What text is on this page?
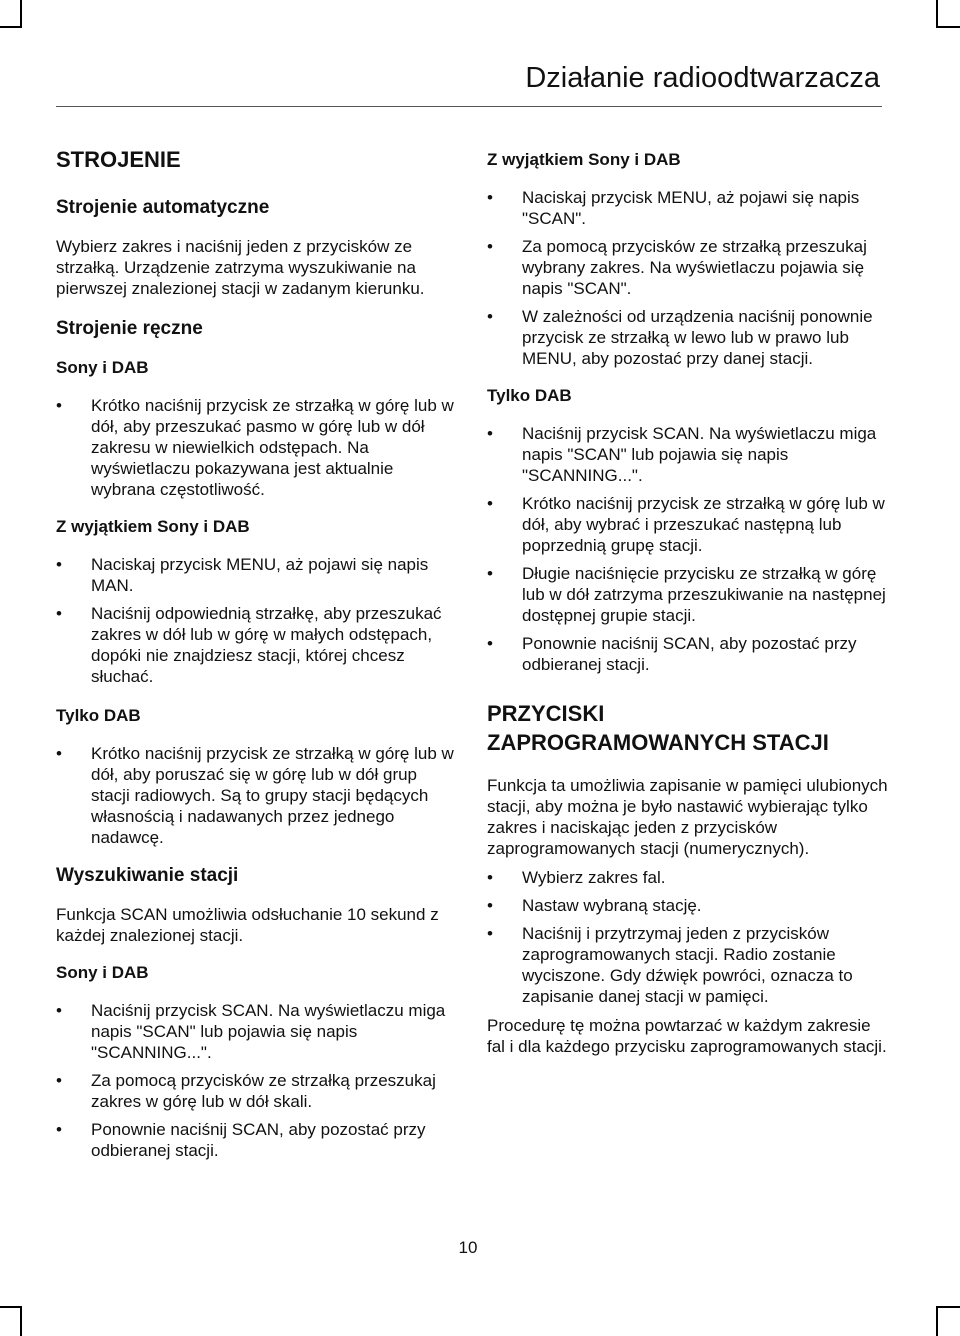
Działanie radioodtwarzacza
STROJENIE
Strojenie automatyczne

Wybierz zakres i naciśnij jeden z przycisków ze strzałką. Urządzenie zatrzyma wyszukiwanie na pierwszej znalezionej stacji w zadanym kierunku.

Strojenie ręczne
Sony i DAB
• Krótko naciśnij przycisk ze strzałką w górę lub w dół, aby przeszukać pasmo w górę lub w dół zakresu w niewielkich odstępach. Na wyświetlaczu pokazywana jest aktualnie wybrana częstotliwość.
Z wyjątkiem Sony i DAB
• Naciskaj przycisk MENU, aż pojawi się napis MAN.
• Naciśnij odpowiednią strzałkę, aby przeszukać zakres w dół lub w górę w małych odstępach, dopóki nie znajdziesz stacji, której chcesz słuchać.
Tylko DAB
• Krótko naciśnij przycisk ze strzałką w górę lub w dół, aby poruszać się w górę lub w dół grup stacji radiowych. Są to grupy stacji będących własnością i nadawanych przez jednego nadawcę.
Wyszukiwanie stacji

Funkcja SCAN umożliwia odsłuchanie 10 sekund z każdej znalezionej stacji.

Sony i DAB
• Naciśnij przycisk SCAN. Na wyświetlaczu miga napis "SCAN" lub pojawia się napis "SCANNING...".
• Za pomocą przycisków ze strzałką przeszukaj zakres w górę lub w dół skali.
• Ponownie naciśnij SCAN, aby pozostać przy odbieranej stacji.
Z wyjątkiem Sony i DAB
• Naciskaj przycisk MENU, aż pojawi się napis "SCAN".
• Za pomocą przycisków ze strzałką przeszukaj wybrany zakres. Na wyświetlaczu pojawia się napis "SCAN".
• W zależności od urządzenia naciśnij ponownie przycisk ze strzałką w lewo lub w prawo lub MENU, aby pozostać przy danej stacji.
Tylko DAB
• Naciśnij przycisk SCAN. Na wyświetlaczu miga napis "SCAN" lub pojawia się napis "SCANNING...".
• Krótko naciśnij przycisk ze strzałką w górę lub w dół, aby wybrać i przeszukać następną lub poprzednią grupę stacji.
• Długie naciśnięcie przycisku ze strzałką w górę lub w dół zatrzyma przeszukiwanie na następnej dostępnej grupie stacji.
• Ponownie naciśnij SCAN, aby pozostać przy odbieranej stacji.
PRZYCISKI
ZAPROGRAMOWANYCH STACJI

Funkcja ta umożliwia zapisanie w pamięci ulubionych stacji, aby można je było nastawić wybierając tylko zakres i naciskając jeden z przycisków zaprogramowanych stacji (numerycznych).

• Wybierz zakres fal.
• Nastaw wybraną stację.
• Naciśnij i przytrzymaj jeden z przycisków zaprogramowanych stacji. Radio zostanie wyciszone. Gdy dźwięk powróci, oznacza to zapisanie danej stacji w pamięci.

Procedurę tę można powtarzać w każdym zakresie fal i dla każdego przycisku zaprogramowanych stacji.

10
